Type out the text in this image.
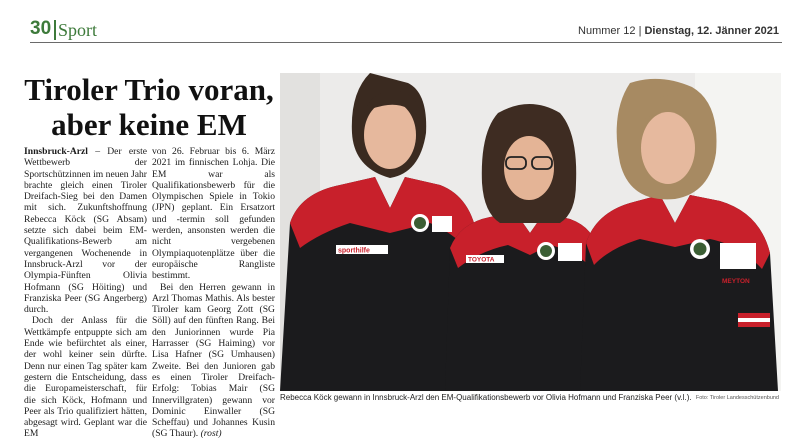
30 Sport	Nummer 12 | Dienstag, 12. Jänner 2021
Tiroler Trio voran,
aber keine EM

Innsbruck-Arzl – Der erste Wettbewerb der Sportschützinnen im neuen Jahr brachte gleich einen Tiroler Dreifach-Sieg bei den Damen mit sich. Zukunftshoffnung Rebecca Köck (SG Absam) setzte sich dabei beim EM-Qualifikations-Bewerb am vergangenen Wochenende in Innsbruck-Arzl vor der Olympia-Fünften Olivia Hofmann (SG Höiting) und Franziska Peer (SG Angerberg) durch.

Doch der Anlass für die Wettkämpfe entpuppte sich am Ende wie befürchtet als einer, der wohl keiner sein dürfte. Denn nur einen Tag später kam gestern die Entscheidung, dass die Europameisterschaft, für die sich Köck, Hofmann und Peer als Trio qualifiziert hätten, abgesagt wird. Geplant war die EM

von 26. Februar bis 6. März 2021 im finnischen Lohja. Die EM war als Qualifikationsbewerb für die Olympischen Spiele in Tokio (JPN) geplant. Ein Ersatzort und -termin soll gefunden werden, ansonsten werden die nicht vergebenen Olympiaquotenplätze über die europäische Rangliste bestimmt.

Bei den Herren gewann in Arzl Thomas Mathis. Als bester Tiroler kam Georg Zott (SG Söll) auf den fünften Rang. Bei den Juniorinnen wurde Pia Harrasser (SG Haiming) vor Lisa Hafner (SG Umhausen) Zweite. Bei den Junioren gab es einen Tiroler Dreifach-Erfolg: Tobias Mair (SG Innervillgraten) gewann vor Dominic Einwaller (SG Scheffau) und Johannes Kusin (SG Thaur). (rost)

sporthilfe
TOYOTA
MEYTON
Rebecca Köck gewann in Innsbruck-Arzl den EM-Qualifikationsbewerb vor Olivia Hofmann und Franziska Peer (v.l.). Foto: Tiroler Landesschützenbund
